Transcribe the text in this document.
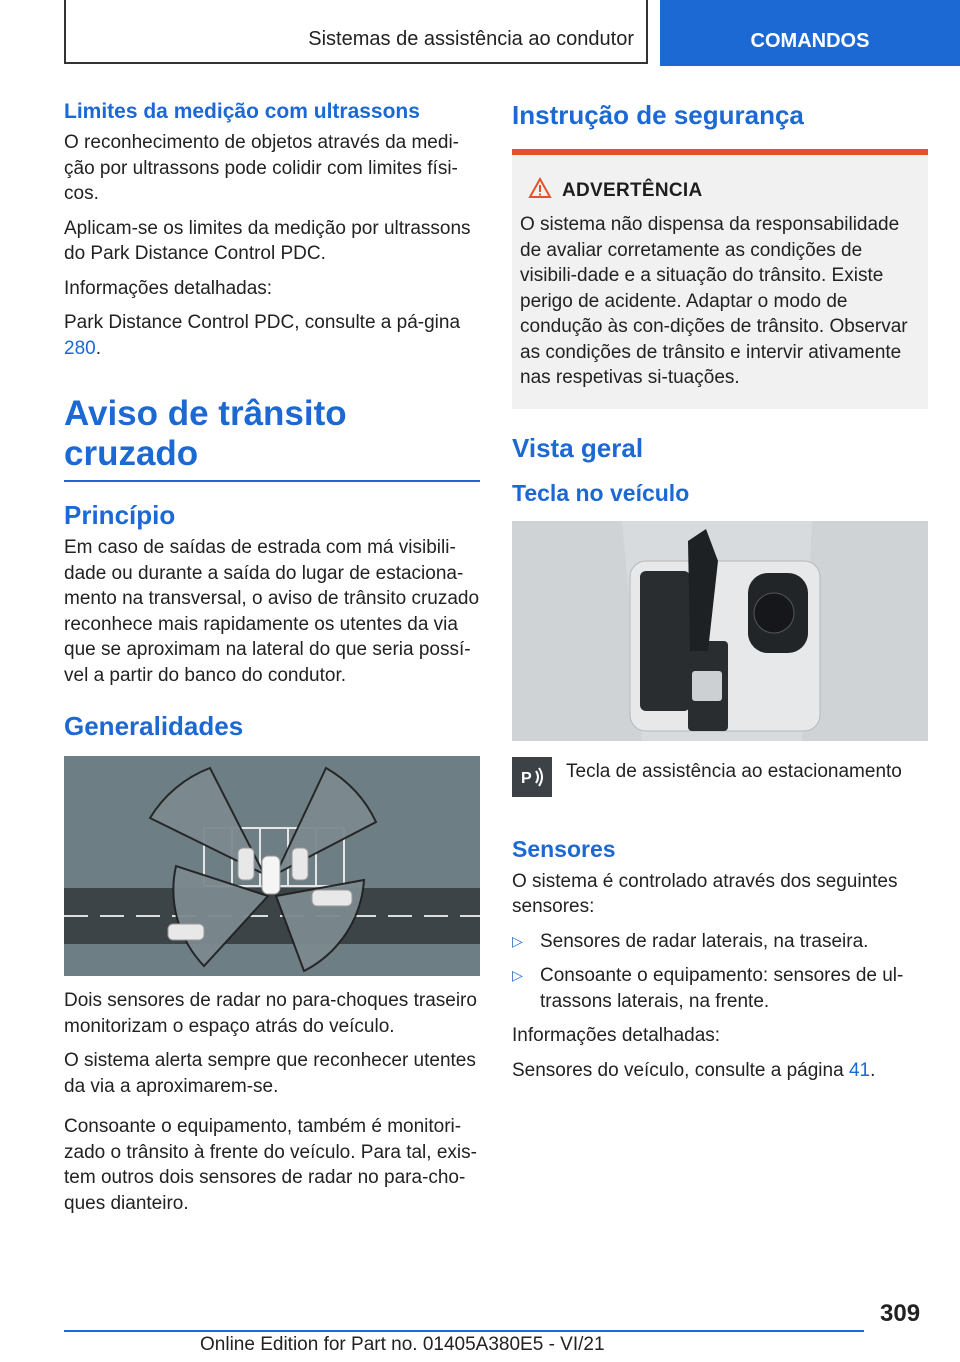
Sistemas de assistência ao condutor	COMANDOS
Limites da medição com ultrassons

O reconhecimento de objetos através da medi-ção por ultrassons pode colidir com limites físi-cos.

Aplicam-se os limites da medição por ultrassons do Park Distance Control PDC.

Informações detalhadas:

Park Distance Control PDC, consulte a pá-gina 280.

Aviso de trânsito cruzado
Princípio

Em caso de saídas de estrada com má visibili-dade ou durante a saída do lugar de estaciona-mento na transversal, o aviso de trânsito cruzado reconhece mais rapidamente os utentes da via que se aproximam na lateral do que seria possí-vel a partir do banco do condutor.

Generalidades

Dois sensores de radar no para-choques traseiro monitorizam o espaço atrás do veículo.

O sistema alerta sempre que reconhecer utentes da via a aproximarem-se.

Consoante o equipamento, também é monitori-zado o trânsito à frente do veículo. Para tal, exis-tem outros dois sensores de radar no para-cho-ques dianteiro.

Instrução de segurança
ADVERTÊNCIA

O sistema não dispensa da responsabilidade de avaliar corretamente as condições de visibili-dade e a situação do trânsito. Existe perigo de acidente. Adaptar o modo de condução às con-dições de trânsito. Observar as condições de trânsito e intervir ativamente nas respetivas si-tuações.

Vista geral
Tecla no veículo
P Tecla de assistência ao estacionamento

Sensores

O sistema é controlado através dos seguintes sensores:

▷ Sensores de radar laterais, na traseira.

▷ Consoante o equipamento: sensores de ul-trassons laterais, na frente.

Informações detalhadas:

Sensores do veículo, consulte a página 41.

309
Online Edition for Part no. 01405A380E5 - VI/21
